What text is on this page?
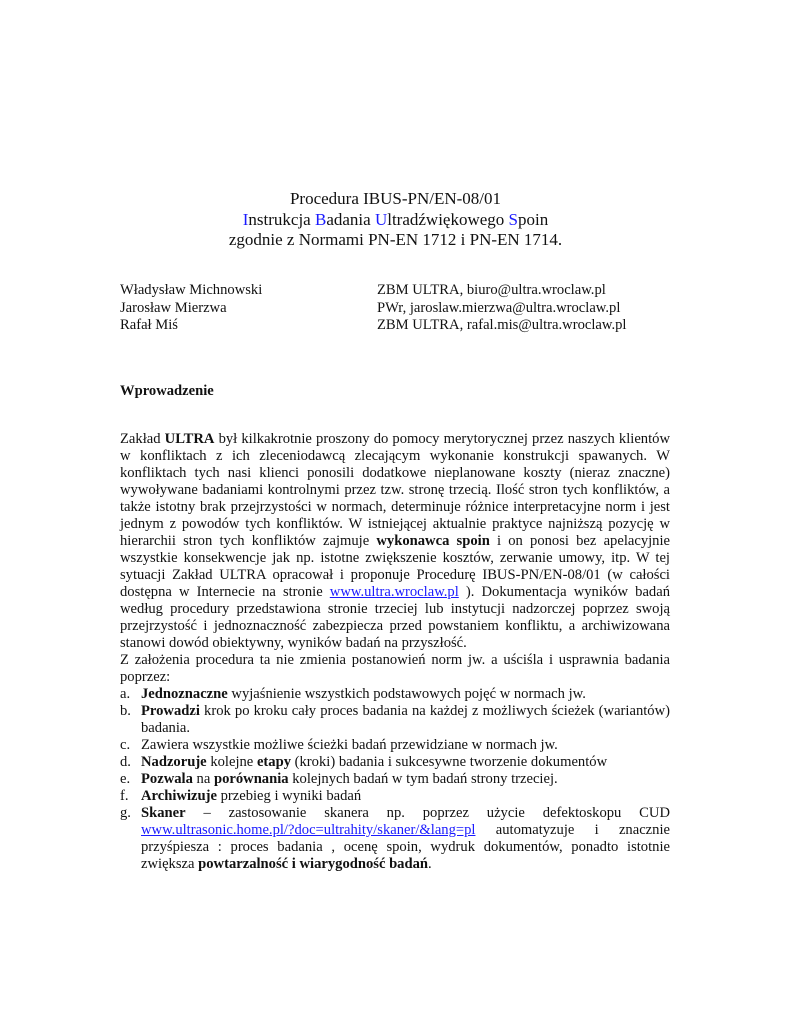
Procedura IBUS-PN/EN-08/01
Instrukcja Badania Ultradźwiękowego Spoin
zgodnie z Normami PN-EN 1712 i PN-EN 1714.
Władysław Michnowski	ZBM ULTRA, biuro@ultra.wroclaw.pl
Jarosław Mierzwa	PWr, jaroslaw.mierzwa@ultra.wroclaw.pl
Rafał Miś	ZBM ULTRA, rafal.mis@ultra.wroclaw.pl
Wprowadzenie

Zakład ULTRA był kilkakrotnie proszony do pomocy merytorycznej przez naszych klientów w konfliktach z ich zleceniodawcą zlecającym wykonanie konstrukcji spawanych. W konfliktach tych nasi klienci ponosili dodatkowe nieplanowane koszty (nieraz znaczne) wywoływane badaniami kontrolnymi przez tzw. stronę trzecią. Ilość stron tych konfliktów, a także istotny brak przejrzystości w normach, determinuje różnice interpretacyjne norm i jest jednym z powodów tych konfliktów. W istniejącej aktualnie praktyce najniższą pozycję w hierarchii stron tych konfliktów zajmuje wykonawca spoin i on ponosi bez apelacyjnie wszystkie konsekwencje jak np. istotne zwiększenie kosztów, zerwanie umowy, itp. W tej sytuacji Zakład ULTRA opracował i proponuje Procedurę IBUS-PN/EN-08/01 (w całości dostępna w Internecie na stronie www.ultra.wroclaw.pl ). Dokumentacja wyników badań według procedury przedstawiona stronie trzeciej lub instytucji nadzorczej poprzez swoją przejrzystość i jednoznaczność zabezpiecza przed powstaniem konfliktu, a archiwizowana stanowi dowód obiektywny, wyników badań na przyszłość.

Z założenia procedura ta nie zmienia postanowień norm jw. a uściśla i usprawnia badania poprzez:

a. Jednoznaczne wyjaśnienie wszystkich podstawowych pojęć w normach jw.
b. Prowadzi krok po kroku cały proces badania na każdej z możliwych ścieżek (wariantów) badania.
c. Zawiera wszystkie możliwe ścieżki badań przewidziane w normach jw.
d. Nadzoruje kolejne etapy (kroki) badania i sukcesywne tworzenie dokumentów
e. Pozwala na porównania kolejnych badań w tym badań strony trzeciej.
f. Archiwizuje przebieg i wyniki badań
g. Skaner – zastosowanie skanera np. poprzez użycie defektoskopu CUD www.ultrasonic.home.pl/?doc=ultrahity/skaner/&lang=pl automatyzuje i znacznie przyśpiesza : proces badania , ocenę spoin, wydruk dokumentów, ponadto istotnie zwiększa powtarzalność i wiarygodność badań.
